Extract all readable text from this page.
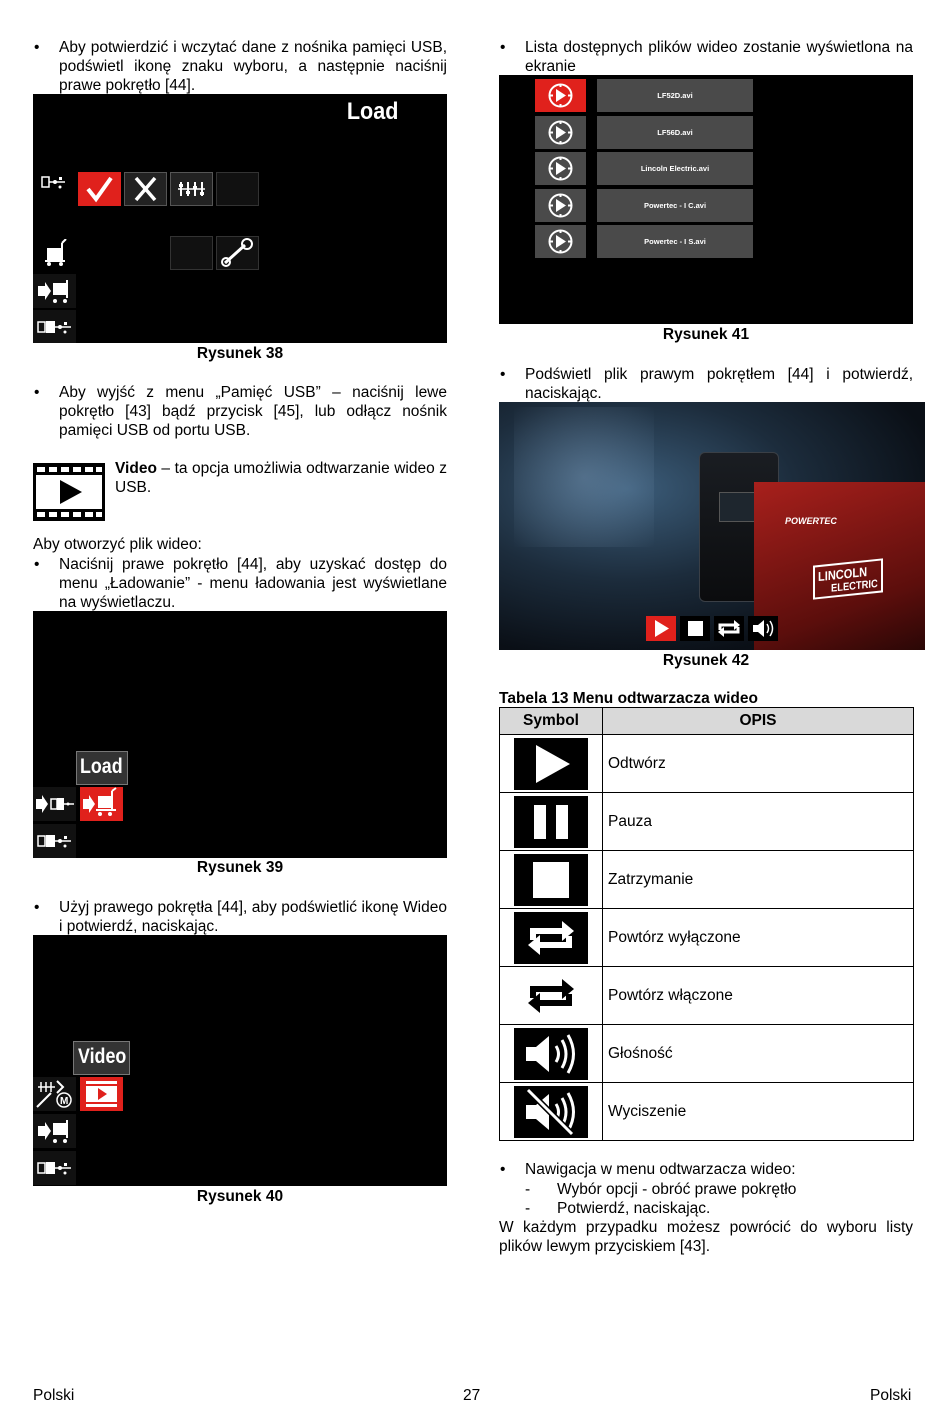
• Aby potwierdzić i wczytać dane z nośnika pamięci USB, podświetl ikonę znaku wyboru, a następnie naciśnij prawe pokrętło [44].
Load
Rysunek 38
• Aby wyjść z menu „Pamięć USB” – naciśnij lewe pokrętło [43] bądź przycisk [45], lub odłącz nośnik pamięci USB od portu USB.
Video – ta opcja umożliwia odtwarzanie wideo z USB.
Aby otworzyć plik wideo:
• Naciśnij prawe pokrętło [44], aby uzyskać dostęp do menu „Ładowanie” - menu ładowania jest wyświetlane na wyświetlaczu.
Load
Rysunek 39
• Użyj prawego pokrętła [44], aby podświetlić ikonę Wideo i potwierdź, naciskając.
Video
M
Rysunek 40
• Lista dostępnych plików wideo zostanie wyświetlona na ekranie
LF52D.avi
LF56D.avi
Lincoln Electric.avi
Powertec - I C.avi
Powertec - I S.avi
Rysunek 41
• Podświetl plik prawym pokrętłem [44] i potwierdź, naciskając.
POWERTEC
LINCOLN
ELECTRIC
Rysunek 42
Tabela 13 Menu odtwarzacza wideo
Symbol	OPIS
	Odtwórz
	Pauza
	Zatrzymanie
	Powtórz wyłączone
	Powtórz włączone
	Głośność
	Wyciszenie
• Nawigacja w menu odtwarzacza wideo:
- Wybór opcji - obróć prawe pokrętło
- Potwierdź, naciskając.
W każdym przypadku możesz powrócić do wyboru listy plików lewym przyciskiem [43].
Polski	27	Polski
